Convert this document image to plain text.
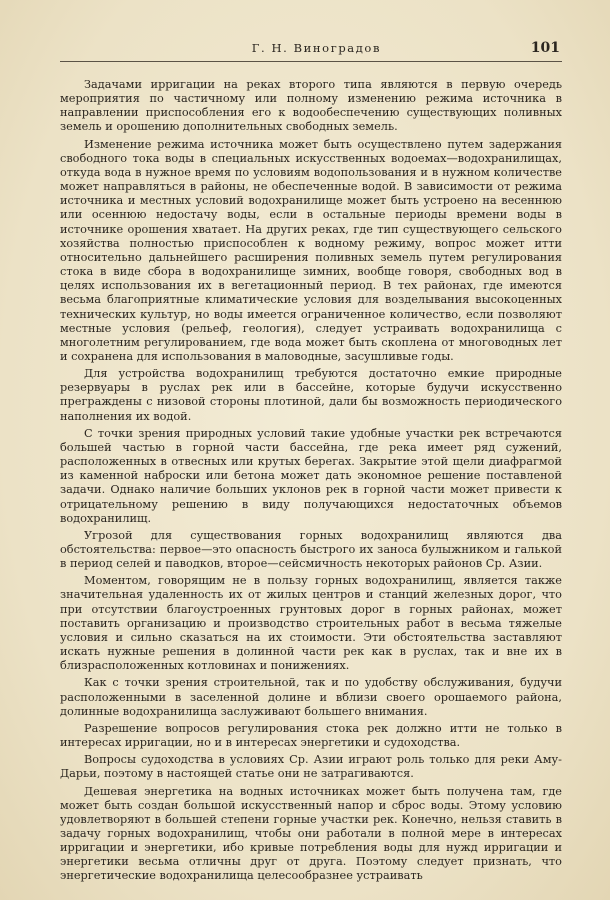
Г. Н. Виноградов	101

Задачами ирригации на реках второго типа являются в первую очередь мероприятия по частичному или полному изменению режима источника в направлении приспособления его к водообеспечению существующих поливных земель и орошению дополнительных свободных земель.

Изменение режима источника может быть осуществлено путем задержания свободного тока воды в специальных искусственных водоемах—водохранилищах, откуда вода в нужное время по условиям водопользования и в нужном количестве может направляться в районы, не обеспеченные водой. В зависимости от режима источника и местных условий водохранилище может быть устроено на весеннюю или осеннюю недостачу воды, если в остальные периоды времени воды в источнике орошения хватает. На других реках, где тип существующего сельского хозяйства полностью приспособлен к водному режиму, вопрос может итти относительно дальнейшего расширения поливных земель путем регулирования стока в виде сбора в водохранилище зимних, вообще говоря, свободных вод в целях использования их в вегетационный период. В тех районах, где имеются весьма благоприятные климатические условия для возделывания высокоценных технических культур, но воды имеется ограниченное количество, если позволяют местные условия (рельеф, геология), следует устраивать водохранилища с многолетним регулированием, где вода может быть скоплена от многоводных лет и сохранена для использования в маловодные, засушливые годы.

Для устройства водохранилищ требуются достаточно емкие природные резервуары в руслах рек или в бассейне, которые будучи искусственно преграждены с низовой стороны плотиной, дали бы возможность периодического наполнения их водой.

С точки зрения природных условий такие удобные участки рек встречаются большей частью в горной части бассейна, где река имеет ряд сужений, расположенных в отвесных или крутых берегах. Закрытие этой щели диафрагмой из каменной наброски или бетона может дать экономное решение поставленой задачи. Однако наличие больших уклонов рек в горной части может привести к отрицательному решению в виду получающихся недостаточных объемов водохранилищ.

Угрозой для существования горных водохранилищ являются два обстоятельства: первое—это опасность быстрого их заноса булыжником и галькой в период селей и паводков, второе—сейсмичность некоторых районов Ср. Азии.

Моментом, говорящим не в пользу горных водохранилищ, является также значительная удаленность их от жилых центров и станций железных дорог, что при отсутствии благоустроенных грунтовых дорог в горных районах, может поставить организацию и производство строительных работ в весьма тяжелые условия и сильно сказаться на их стоимости. Эти обстоятельства заставляют искать нужные решения в долинной части рек как в руслах, так и вне их в близрасположенных котловинах и понижениях.

Как с точки зрения строительной, так и по удобству обслуживания, будучи расположенными в заселенной долине и вблизи своего орошаемого района, долинные водохранилища заслуживают большего внимания.

Разрешение вопросов регулирования стока рек должно итти не только в интересах ирригации, но и в интересах энергетики и судоходства.

Вопросы судоходства в условиях Ср. Азии играют роль только для реки Аму-Дарьи, поэтому в настоящей статье они не затрагиваются.

Дешевая энергетика на водных источниках может быть получена там, где может быть создан большой искусственный напор и сброс воды. Этому условию удовлетворяют в большей степени горные участки рек. Конечно, нельзя ставить в задачу горных водохранилищ, чтобы они работали в полной мере в интересах ирригации и энергетики, ибо кривые потребления воды для нужд ирригации и энергетики весьма отличны друг от друга. Поэтому следует признать, что энергетические водохранилища целесообразнее устраивать
